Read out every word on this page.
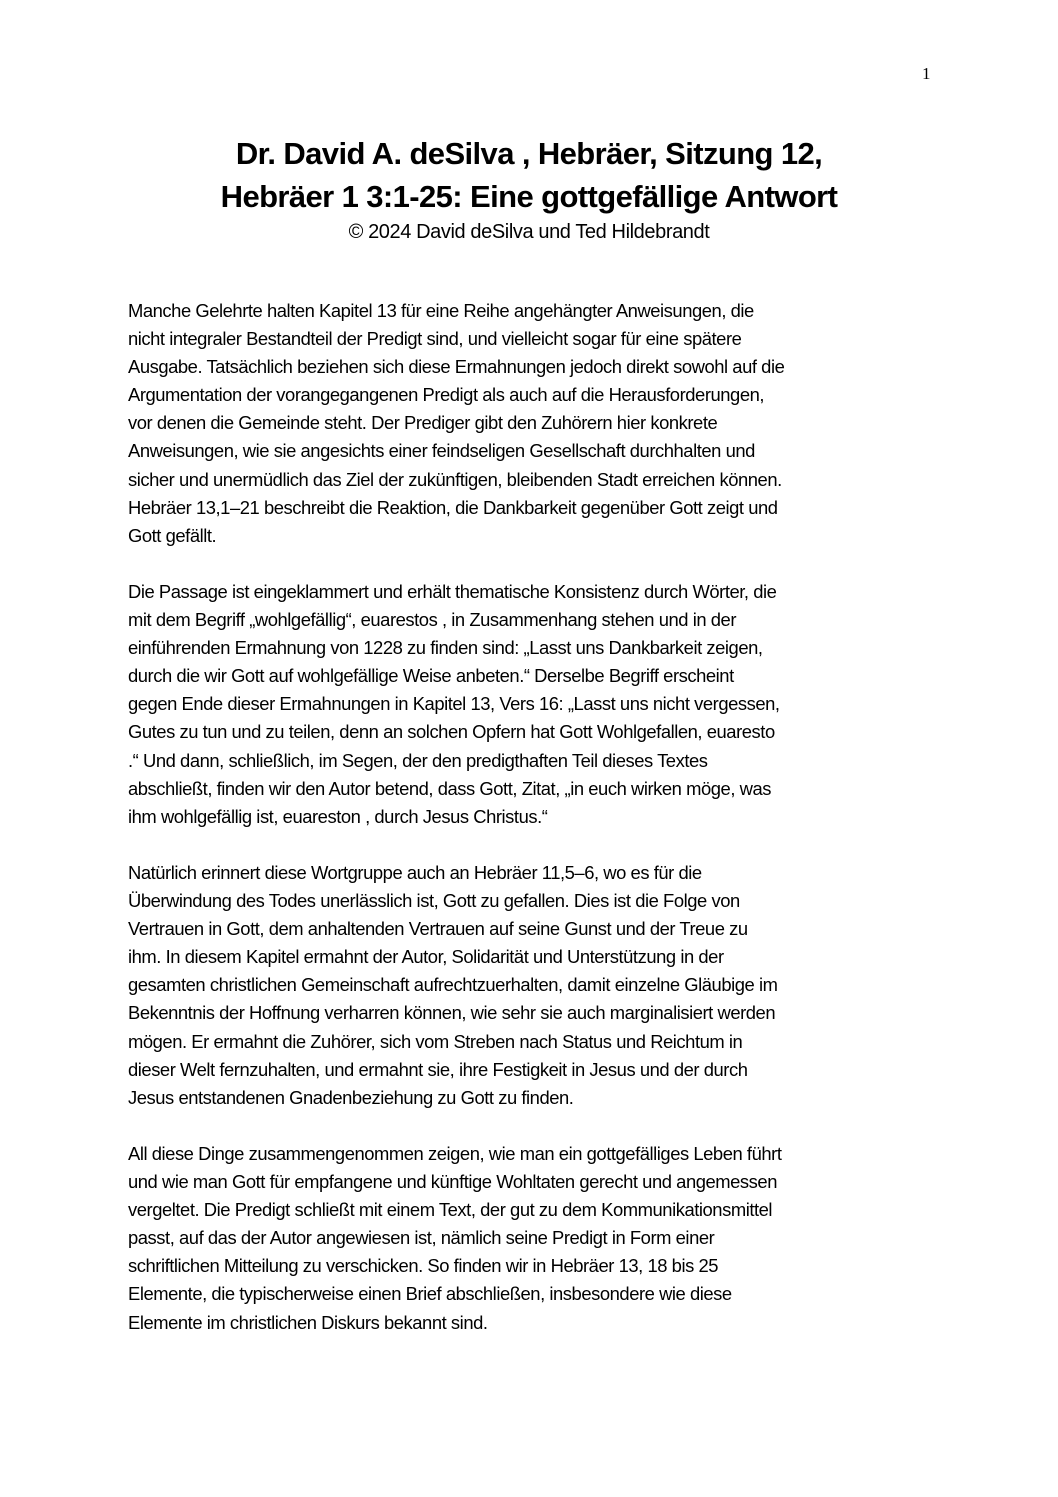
1
Dr. David A. deSilva , Hebräer, Sitzung 12,
Hebräer 1 3:1-25: Eine gottgefällige Antwort
© 2024 David deSilva und Ted Hildebrandt
Manche Gelehrte halten Kapitel 13 für eine Reihe angehängter Anweisungen, die
nicht integraler Bestandteil der Predigt sind, und vielleicht sogar für eine spätere
Ausgabe. Tatsächlich beziehen sich diese Ermahnungen jedoch direkt sowohl auf die
Argumentation der vorangegangenen Predigt als auch auf die Herausforderungen,
vor denen die Gemeinde steht. Der Prediger gibt den Zuhörern hier konkrete
Anweisungen, wie sie angesichts einer feindseligen Gesellschaft durchhalten und
sicher und unermüdlich das Ziel der zukünftigen, bleibenden Stadt erreichen können.
Hebräer 13,1–21 beschreibt die Reaktion, die Dankbarkeit gegenüber Gott zeigt und
Gott gefällt.
Die Passage ist eingeklammert und erhält thematische Konsistenz durch Wörter, die
mit dem Begriff „wohlgefällig“, euarestos , in Zusammenhang stehen und in der
einführenden Ermahnung von 1228 zu finden sind: „Lasst uns Dankbarkeit zeigen,
durch die wir Gott auf wohlgefällige Weise anbeten.“ Derselbe Begriff erscheint
gegen Ende dieser Ermahnungen in Kapitel 13, Vers 16: „Lasst uns nicht vergessen,
Gutes zu tun und zu teilen, denn an solchen Opfern hat Gott Wohlgefallen, euaresto
.“ Und dann, schließlich, im Segen, der den predigthaften Teil dieses Textes
abschließt, finden wir den Autor betend, dass Gott, Zitat, „in euch wirken möge, was
ihm wohlgefällig ist, euareston , durch Jesus Christus.“
Natürlich erinnert diese Wortgruppe auch an Hebräer 11,5–6, wo es für die
Überwindung des Todes unerlässlich ist, Gott zu gefallen. Dies ist die Folge von
Vertrauen in Gott, dem anhaltenden Vertrauen auf seine Gunst und der Treue zu
ihm. In diesem Kapitel ermahnt der Autor, Solidarität und Unterstützung in der
gesamten christlichen Gemeinschaft aufrechtzuerhalten, damit einzelne Gläubige im
Bekenntnis der Hoffnung verharren können, wie sehr sie auch marginalisiert werden
mögen. Er ermahnt die Zuhörer, sich vom Streben nach Status und Reichtum in
dieser Welt fernzuhalten, und ermahnt sie, ihre Festigkeit in Jesus und der durch
Jesus entstandenen Gnadenbeziehung zu Gott zu finden.
All diese Dinge zusammengenommen zeigen, wie man ein gottgefälliges Leben führt
und wie man Gott für empfangene und künftige Wohltaten gerecht und angemessen
vergeltet. Die Predigt schließt mit einem Text, der gut zu dem Kommunikationsmittel
passt, auf das der Autor angewiesen ist, nämlich seine Predigt in Form einer
schriftlichen Mitteilung zu verschicken. So finden wir in Hebräer 13, 18 bis 25
Elemente, die typischerweise einen Brief abschließen, insbesondere wie diese
Elemente im christlichen Diskurs bekannt sind.
